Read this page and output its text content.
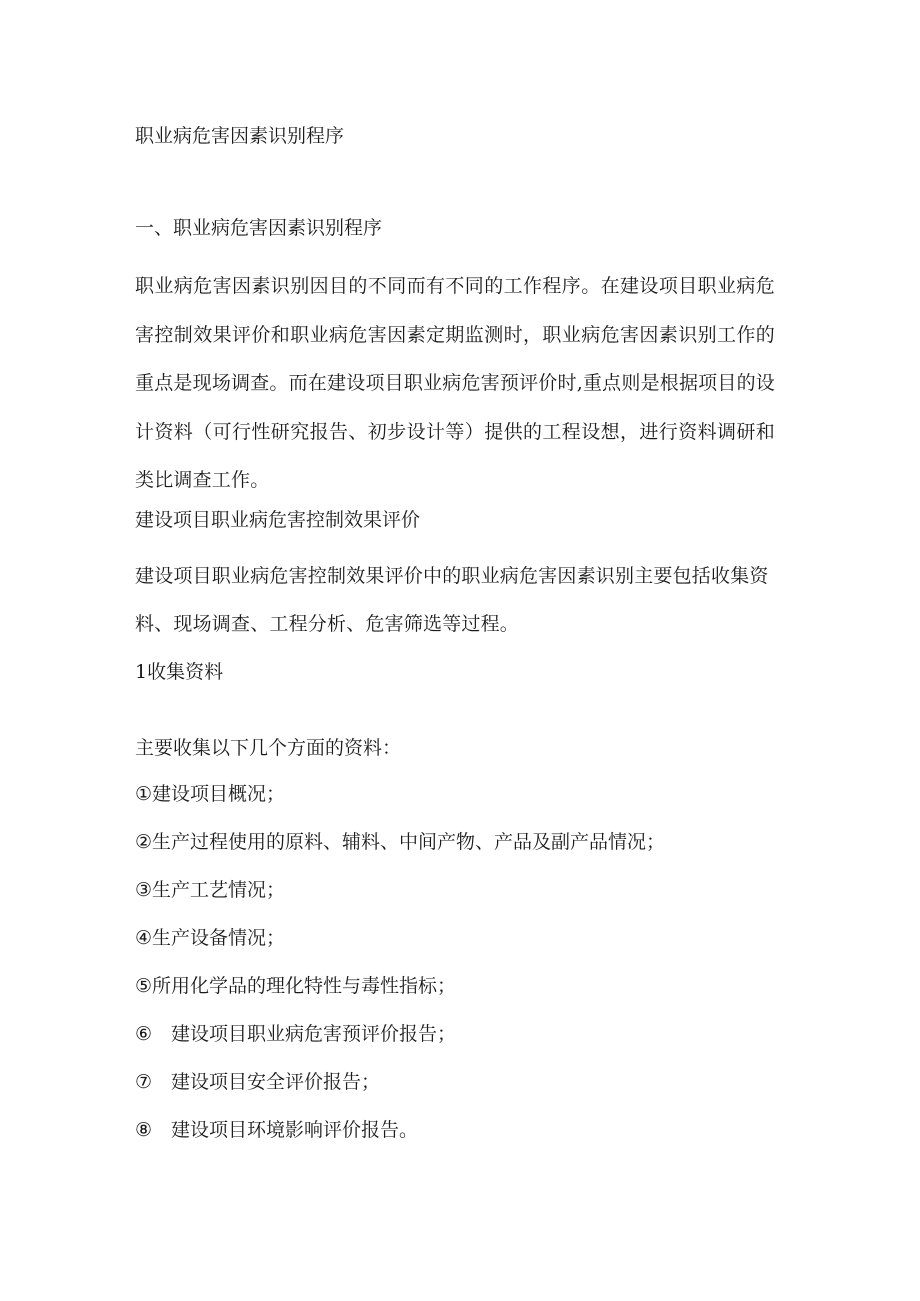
职业病危害因素识别程序
一、职业病危害因素识别程序

职业病危害因素识别因目的不同而有不同的工作程序。在建设项目职业病危害控制效果评价和职业病危害因素定期监测时，职业病危害因素识别工作的重点是现场调查。而在建设项目职业病危害预评价时,重点则是根据项目的设计资料（可行性研究报告、初步设计等）提供的工程设想，进行资料调研和类比调查工作。

建设项目职业病危害控制效果评价

建设项目职业病危害控制效果评价中的职业病危害因素识别主要包括收集资料、现场调查、工程分析、危害筛选等过程。

1收集资料

主要收集以下几个方面的资料：

①建设项目概况；
②生产过程使用的原料、辅料、中间产物、产品及副产品情况；
③生产工艺情况；
④生产设备情况；
⑤所用化学品的理化特性与毒性指标；
⑥ 建设项目职业病危害预评价报告；
⑦ 建设项目安全评价报告；
⑧ 建设项目环境影响评价报告。
